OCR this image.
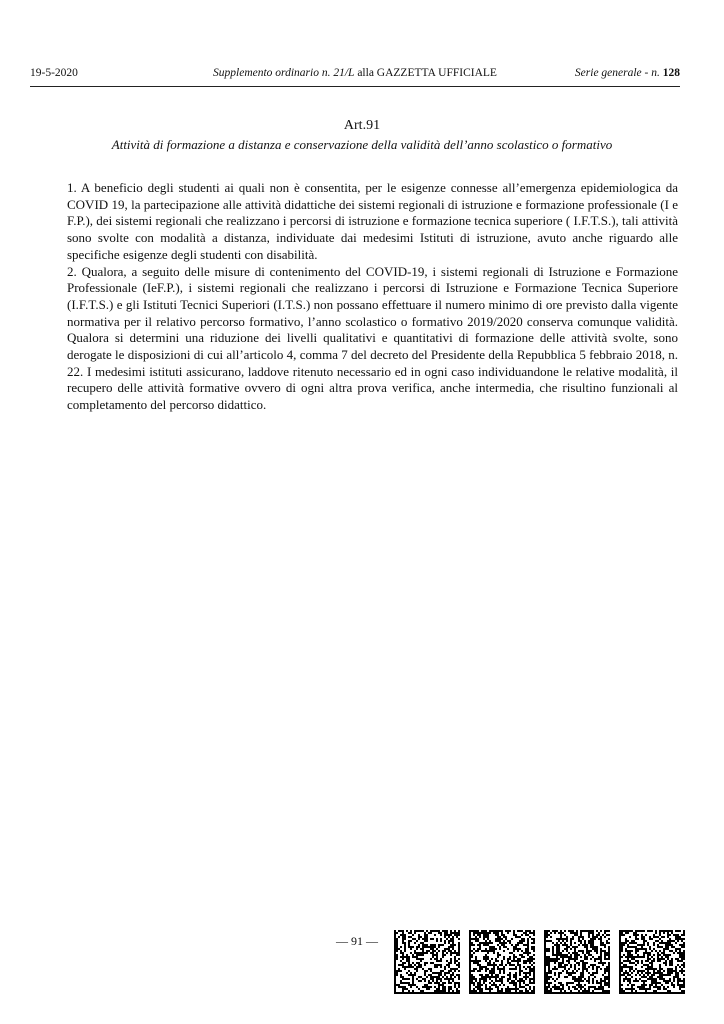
19-5-2020	Supplemento ordinario n. 21/L alla GAZZETTA UFFICIALE	Serie generale - n. 128
Art.91
Attività di formazione a distanza e conservazione della validità dell’anno scolastico o formativo

1. A beneficio degli studenti ai quali non è consentita, per le esigenze connesse all’emergenza epidemiologica da COVID 19, la partecipazione alle attività didattiche dei sistemi regionali di istruzione e formazione professionale (I e F.P.), dei sistemi regionali che realizzano i percorsi di istruzione e formazione tecnica superiore ( I.F.T.S.), tali attività sono svolte con modalità a distanza, individuate dai medesimi Istituti di istruzione, avuto anche riguardo alle specifiche esigenze degli studenti con disabilità.

2. Qualora, a seguito delle misure di contenimento del COVID-19, i sistemi regionali di Istruzione e Formazione Professionale (IeF.P.), i sistemi regionali che realizzano i percorsi di Istruzione e Formazione Tecnica Superiore (I.F.T.S.) e gli Istituti Tecnici Superiori (I.T.S.) non possano effettuare il numero minimo di ore previsto dalla vigente normativa per il relativo percorso formativo, l’anno scolastico o formativo 2019/2020 conserva comunque validità. Qualora si determini una riduzione dei livelli qualitativi e quantitativi di formazione delle attività svolte, sono derogate le disposizioni di cui all’articolo 4, comma 7 del decreto del Presidente della Repubblica 5 febbraio 2018, n. 22. I medesimi istituti assicurano, laddove ritenuto necessario ed in ogni caso individuandone le relative modalità, il recupero delle attività formative ovvero di ogni altra prova verifica, anche intermedia, che risultino funzionali al completamento del percorso didattico.

— 91 —
